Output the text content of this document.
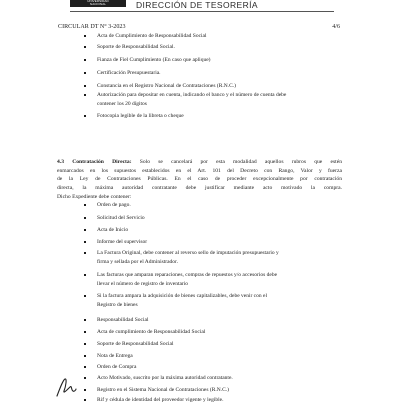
UNIVERSIDAD
NACIONAL	DIRECCIÓN DE TESORERÍA
CIRCULAR DT N° 3-2023	4/6
Acta de Cumplimiento de Responsabilidad Social
Soporte de Responsabilidad Social.
Fianza de Fiel Cumplimiento (En caso que aplique)
Certificación Presupuestaria.
Constancia en el Registro Nacional de Contrataciones (R.N.C.)
Autorización para depositar en cuenta, indicando el banco y el número de cuenta debe
contener los 20 dígitos
Fotocopia legible de la libreta o cheque
4.3 Contratación Directa: Solo se cancelará por esta modalidad aquellos rubros que estén
enmarcados en los supuestos establecidos en el Art. 101 del Decreto con Rango, Valor y fuerza
de la Ley de Contrataciones Públicas. En el caso de proceder excepcionalmente por contratación
directa, la máxima autoridad contratante debe justificar mediante acto motivado la compra.
Dicho Expediente debe contener:
Orden de pago.
Solicitud del Servicio
Acta de Inicio
Informe del supervisor
La Factura Original, debe contener al reverso sello de imputación presupuestario y
firma y sellada por el Administrador.
Las facturas que amparan reparaciones, compras de repuestos y/o accesorios debe
llevar el número de registro de inventario
Si la factura ampara la adquisición de bienes capitalizables, debe venir con el
Registro de bienes
Responsabilidad Social
Acta de cumplimiento de Responsabilidad Social
Soporte de Responsabilidad Social
Nota de Entrega
Orden de Compra
Acto Motivado, suscrito por la máxima autoridad contratante.
Registro en el Sistema Nacional de Contrataciones (R.N.C.)
Rif y cédula de identidad del proveedor vigente y legible.
